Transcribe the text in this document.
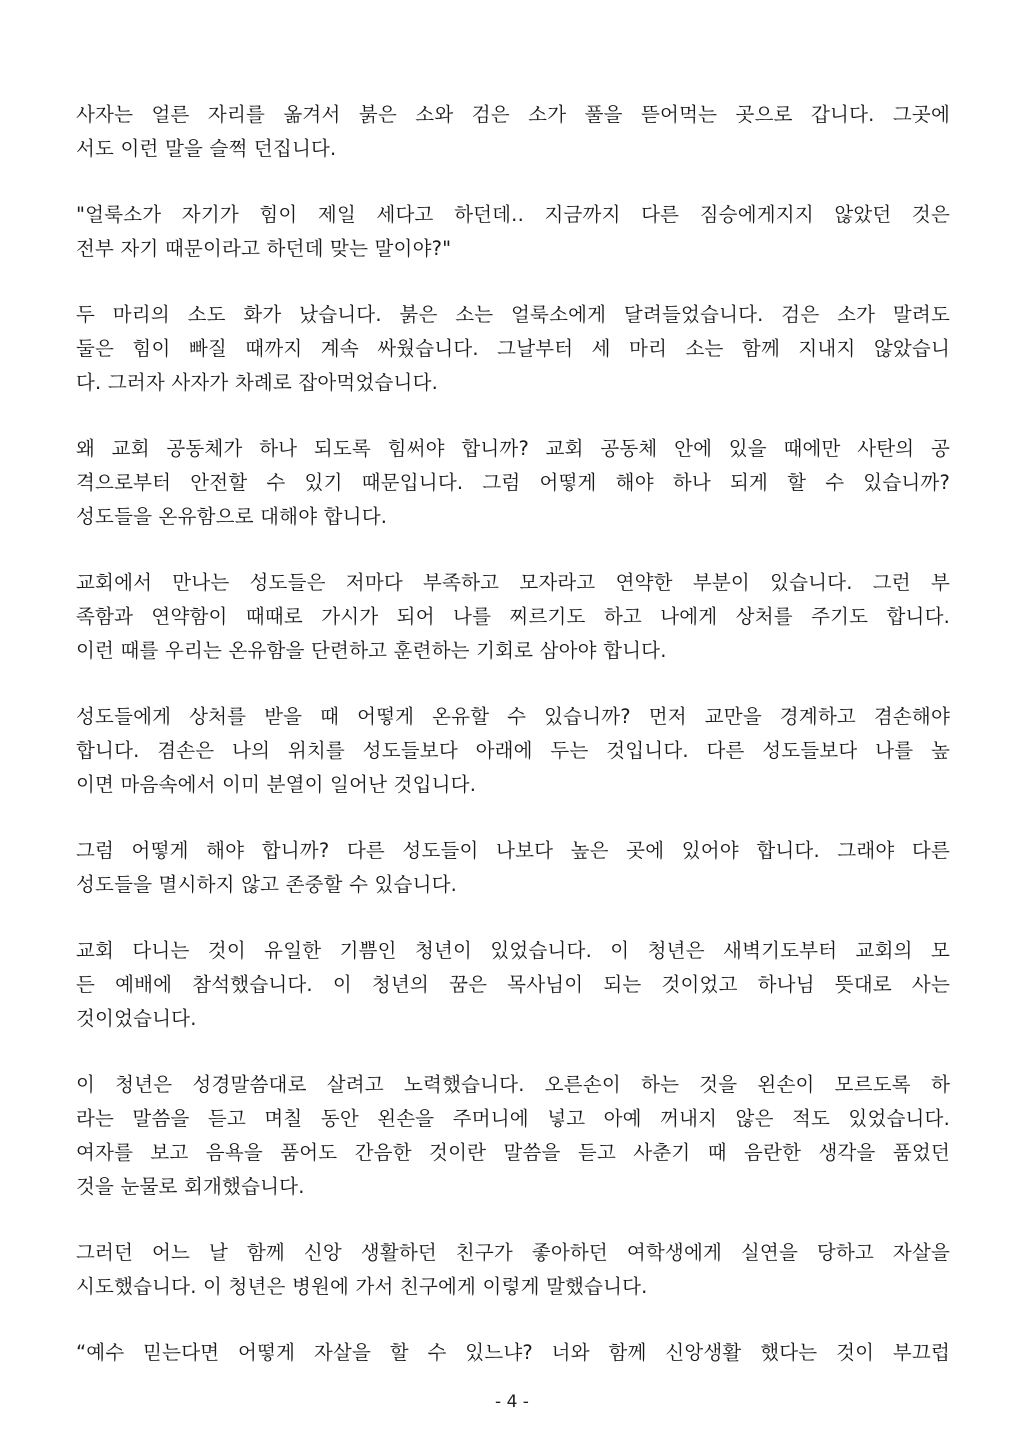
사자는 얼른 자리를 옮겨서 붉은 소와 검은 소가 풀을 뜯어먹는 곳으로 갑니다. 그곳에
서도 이런 말을 슬쩍 던집니다.
"얼룩소가 자기가 힘이 제일 세다고 하던데.. 지금까지 다른 짐승에게지지 않았던 것은
전부 자기 때문이라고 하던데 맞는 말이야?"
두 마리의 소도 화가 났습니다. 붉은 소는 얼룩소에게 달려들었습니다. 검은 소가 말려도
둘은 힘이 빠질 때까지 계속 싸웠습니다. 그날부터 세 마리 소는 함께 지내지 않았습니
다. 그러자 사자가 차례로 잡아먹었습니다.
왜 교회 공동체가 하나 되도록 힘써야 합니까? 교회 공동체 안에 있을 때에만 사탄의 공
격으로부터 안전할 수 있기 때문입니다. 그럼 어떻게 해야 하나 되게 할 수 있습니까?
성도들을 온유함으로 대해야 합니다.
교회에서 만나는 성도들은 저마다 부족하고 모자라고 연약한 부분이 있습니다. 그런 부
족함과 연약함이 때때로 가시가 되어 나를 찌르기도 하고 나에게 상처를 주기도 합니다.
이런 때를 우리는 온유함을 단련하고 훈련하는 기회로 삼아야 합니다.
성도들에게 상처를 받을 때 어떻게 온유할 수 있습니까? 먼저 교만을 경계하고 겸손해야
합니다. 겸손은 나의 위치를 성도들보다 아래에 두는 것입니다. 다른 성도들보다 나를 높
이면 마음속에서 이미 분열이 일어난 것입니다.
그럼 어떻게 해야 합니까? 다른 성도들이 나보다 높은 곳에 있어야 합니다. 그래야 다른
성도들을 멸시하지 않고 존중할 수 있습니다.
교회 다니는 것이 유일한 기쁨인 청년이 있었습니다. 이 청년은 새벽기도부터 교회의 모
든 예배에 참석했습니다. 이 청년의 꿈은 목사님이 되는 것이었고 하나님 뜻대로 사는
것이었습니다.
이 청년은 성경말씀대로 살려고 노력했습니다. 오른손이 하는 것을 왼손이 모르도록 하
라는 말씀을 듣고 며칠 동안 왼손을 주머니에 넣고 아예 꺼내지 않은 적도 있었습니다.
여자를 보고 음욕을 품어도 간음한 것이란 말씀을 듣고 사춘기 때 음란한 생각을 품었던
것을 눈물로 회개했습니다.
그러던 어느 날 함께 신앙 생활하던 친구가 좋아하던 여학생에게 실연을 당하고 자살을
시도했습니다. 이 청년은 병원에 가서 친구에게 이렇게 말했습니다.
“예수 믿는다면 어떻게 자살을 할 수 있느냐? 너와 함께 신앙생활 했다는 것이 부끄럽
- 4 -
